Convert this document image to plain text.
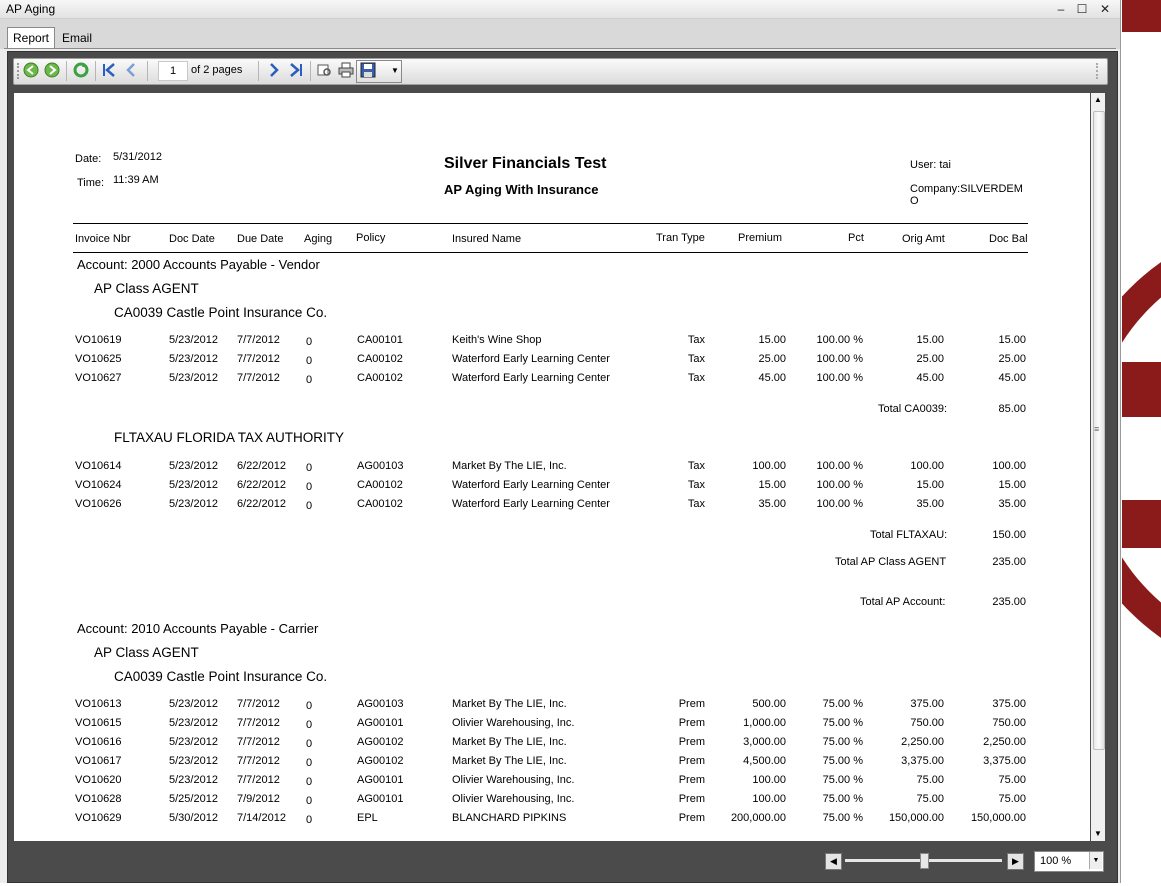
AP Aging	–	☐	✕
Report	Email
1
of 2 pages	▼
Date: 5/31/2012
Time: 11:39 AM
Silver Financials Test
AP Aging With Insurance
User: tai
Company:SILVERDEM
O
Invoice Nbr	Doc Date Due Date Aging Policy	Insured Name	Tran Type	Premium	Pct	Orig Amt	Doc Bal
Account: 2000 Accounts Payable - Vendor
AP Class AGENT
CA0039 Castle Point Insurance Co.
VO10619	5/23/2012 7/7/2012 0	CA00101	Keith's Wine Shop	Tax	15.00	100.00 %	15.00	15.00
VO10625	5/23/2012 7/7/2012 0	CA00102	Waterford Early Learning Center	Tax	25.00	100.00 %	25.00	25.00
VO10627	5/23/2012 7/7/2012 0	CA00102	Waterford Early Learning Center	Tax	45.00	100.00 %	45.00	45.00
Total CA0039:	85.00
FLTAXAU FLORIDA TAX AUTHORITY
VO10614	5/23/2012 6/22/2012 0	AG00103	Market By The LIE, Inc.	Tax	100.00	100.00 %	100.00	100.00
VO10624	5/23/2012 6/22/2012 0	CA00102	Waterford Early Learning Center	Tax	15.00	100.00 %	15.00	15.00
VO10626	5/23/2012 6/22/2012 0	CA00102	Waterford Early Learning Center	Tax	35.00	100.00 %	35.00	35.00
Total FLTAXAU:	150.00
Total AP Class AGENT	235.00
Total AP Account:	235.00
Account: 2010 Accounts Payable - Carrier
AP Class AGENT
CA0039 Castle Point Insurance Co.
VO10613	5/23/2012 7/7/2012 0	AG00103	Market By The LIE, Inc.	Prem	500.00	75.00 %	375.00	375.00
VO10615	5/23/2012 7/7/2012 0	AG00101	Olivier Warehousing, Inc.	Prem	1,000.00	75.00 %	750.00	750.00
VO10616	5/23/2012 7/7/2012 0	AG00102	Market By The LIE, Inc.	Prem	3,000.00	75.00 %	2,250.00	2,250.00
VO10617	5/23/2012 7/7/2012 0	AG00102	Market By The LIE, Inc.	Prem	4,500.00	75.00 %	3,375.00	3,375.00
VO10620	5/23/2012 7/7/2012 0	AG00101	Olivier Warehousing, Inc.	Prem	100.00	75.00 %	75.00	75.00
VO10628	5/25/2012 7/9/2012 0	AG00101	Olivier Warehousing, Inc.	Prem	100.00	75.00 %	75.00	75.00
VO10629	5/30/2012 7/14/2012 0	EPL	BLANCHARD PIPKINS	Prem	200,000.00	75.00 %	150,000.00	150,000.00
▲
≡
▼
◀	▶	100 %	▼
